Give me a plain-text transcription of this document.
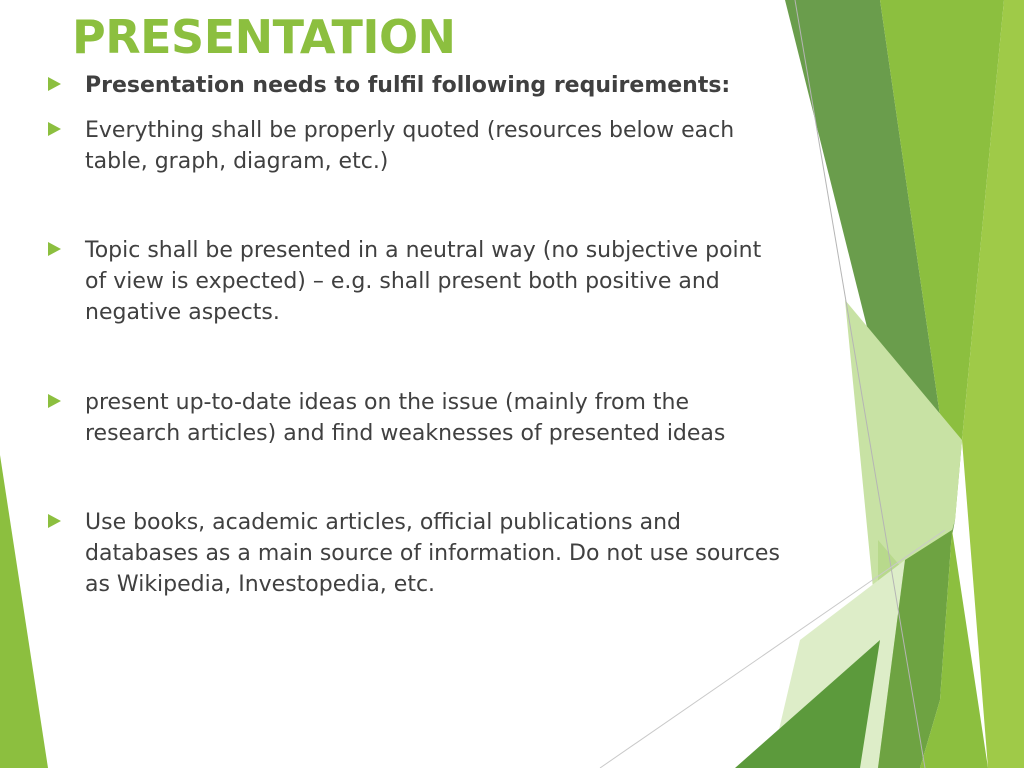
PRESENTATION
Presentation needs to fulfil following requirements:
Everything shall be properly quoted (resources below each table, graph, diagram, etc.)
Topic shall be presented in a neutral way (no subjective point of view is expected) – e.g. shall present both positive and negative aspects.
present up-to-date ideas on the issue (mainly from the research articles) and find weaknesses of presented ideas
Use books, academic articles, official publications and databases as a main source of information. Do not use sources as Wikipedia, Investopedia, etc.
